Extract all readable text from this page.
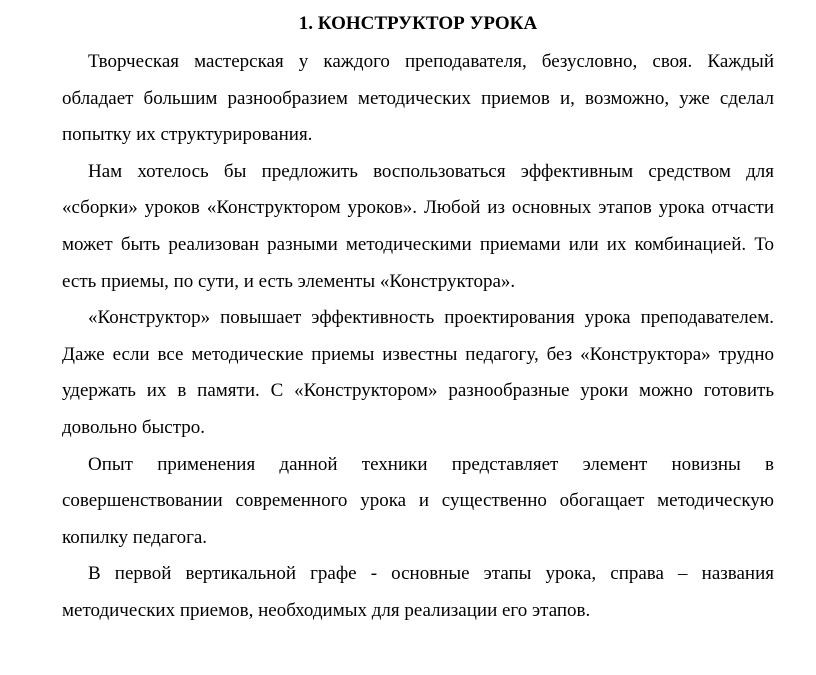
1. КОНСТРУКТОР УРОКА

Творческая мастерская у каждого преподавателя, безусловно, своя. Каждый обладает большим разнообразием методических приемов и, возможно, уже сделал попытку их структурирования.

Нам хотелось бы предложить воспользоваться эффективным средством для «сборки» уроков «Конструктором уроков». Любой из основных этапов урока отчасти может быть реализован разными методическими приемами или их комбинацией. То есть приемы, по сути, и есть элементы «Конструктора».

«Конструктор» повышает эффективность проектирования урока преподавателем. Даже если все методические приемы известны педагогу, без «Конструктора» трудно удержать их в памяти. С «Конструктором» разнообразные уроки можно готовить довольно быстро.

Опыт применения данной техники представляет элемент новизны в совершенствовании современного урока и существенно обогащает методическую копилку педагога.

В первой вертикальной графе - основные этапы урока, справа – названия методических приемов, необходимых для реализации его этапов.
